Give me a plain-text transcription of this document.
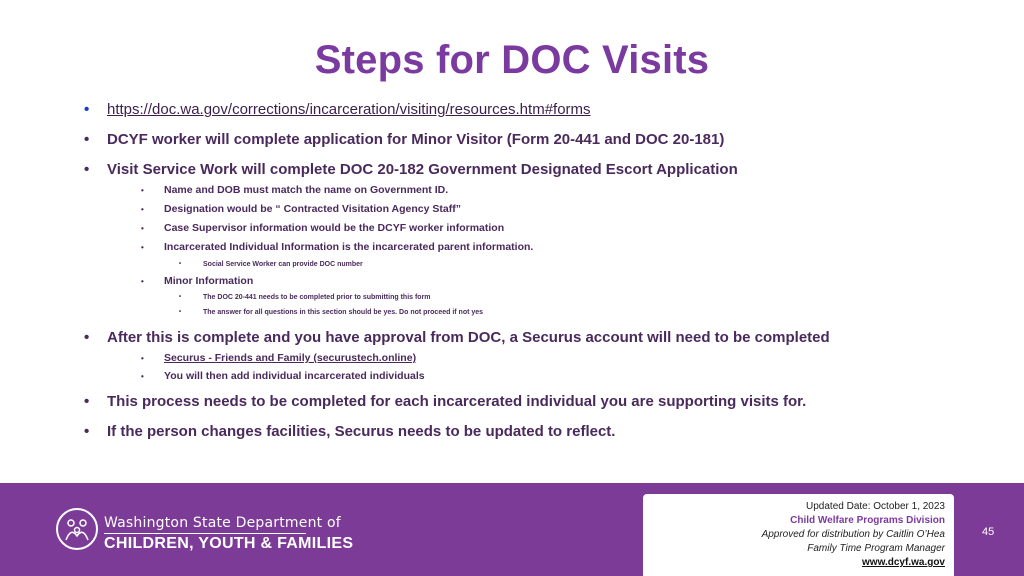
Steps for DOC Visits
• https://doc.wa.gov/corrections/incarceration/visiting/resources.htm#forms
• DCYF worker will complete application for Minor Visitor (Form 20-441 and DOC 20-181)
• Visit Service Work will complete DOC 20-182 Government Designated Escort Application
• Name and DOB must match the name on Government ID.
• Designation would be “ Contracted Visitation Agency Staff”
• Case Supervisor information would be the DCYF worker information
• Incarcerated Individual Information is the incarcerated parent information.
•	Social Service Worker can provide DOC number
• Minor Information
•	The DOC 20-441 needs to be completed prior to submitting this form
•	The answer for all questions in this section should be yes. Do not proceed if not yes
• After this is complete and you have approval from DOC, a Securus account will need to be completed
• Securus - Friends and Family (securustech.online)
• You will then add individual incarcerated individuals
• This process needs to be completed for each incarcerated individual you are supporting visits for.
• If the person changes facilities, Securus needs to be updated to reflect.
Washington State Department of
CHILDREN, YOUTH & FAMILIES
45
Updated Date: October 1, 2023
Child Welfare Programs Division
Approved for distribution by Caitlin O’Hea
Family Time Program Manager
www.dcyf.wa.gov
